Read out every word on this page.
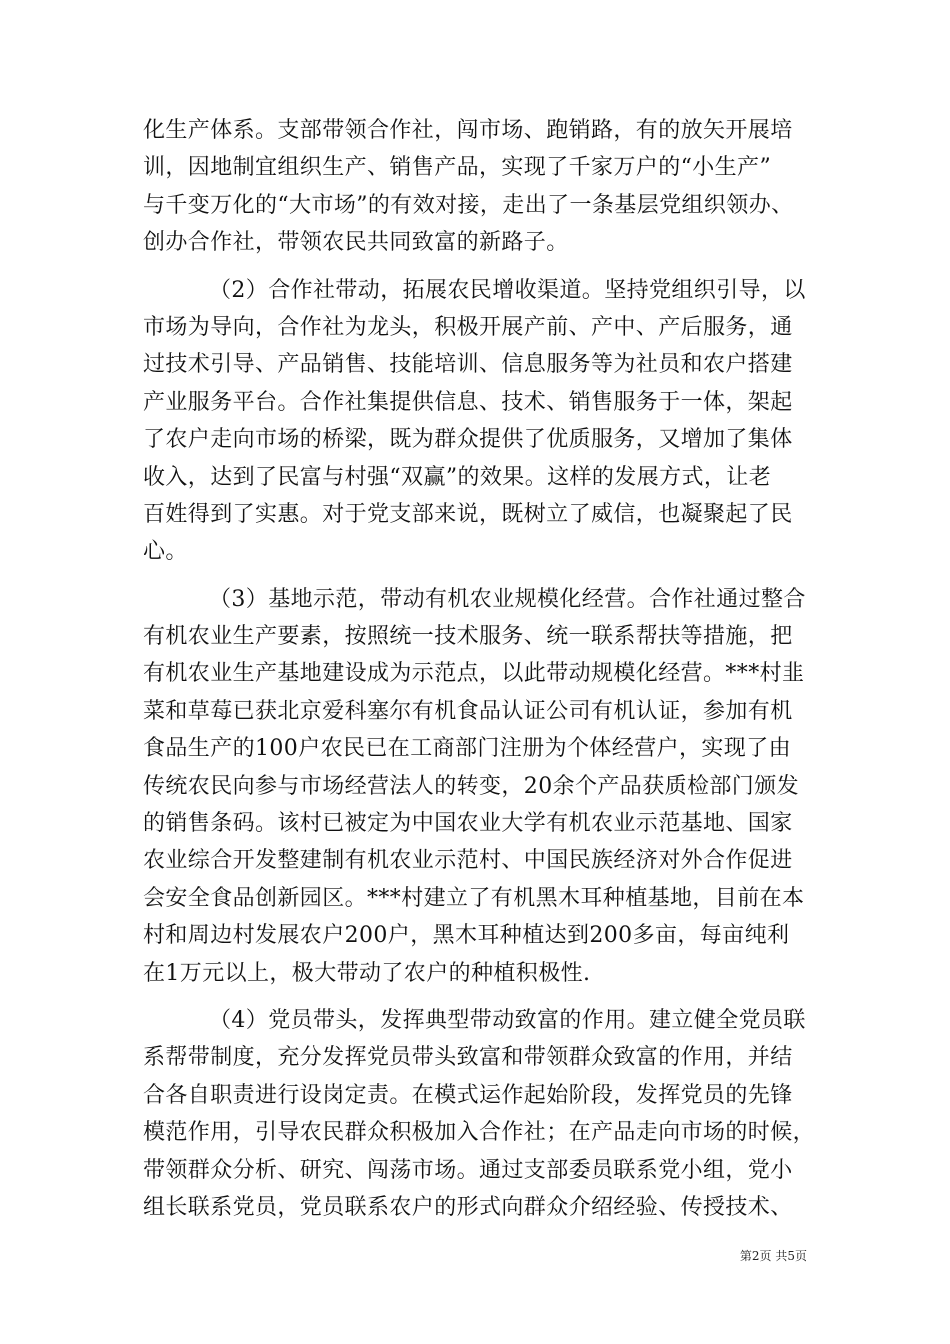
化生产体系。支部带领合作社，闯市场、跑销路，有的放矢开展培
训，因地制宜组织生产、销售产品，实现了千家万户的“小生产”
与千变万化的“大市场”的有效对接，走出了一条基层党组织领办、
创办合作社，带领农民共同致富的新路子。
（2）合作社带动，拓展农民增收渠道。坚持党组织引导，以
市场为导向，合作社为龙头，积极开展产前、产中、产后服务，通
过技术引导、产品销售、技能培训、信息服务等为社员和农户搭建
产业服务平台。合作社集提供信息、技术、销售服务于一体，架起
了农户走向市场的桥梁，既为群众提供了优质服务，又增加了集体
收入，达到了民富与村强“双赢”的效果。这样的发展方式，让老
百姓得到了实惠。对于党支部来说，既树立了威信，也凝聚起了民
心。
（3）基地示范，带动有机农业规模化经营。合作社通过整合
有机农业生产要素，按照统一技术服务、统一联系帮扶等措施，把
有机农业生产基地建设成为示范点，以此带动规模化经营。***村韭
菜和草莓已获北京爱科塞尔有机食品认证公司有机认证，参加有机
食品生产的100户农民已在工商部门注册为个体经营户，实现了由
传统农民向参与市场经营法人的转变，20余个产品获质检部门颁发
的销售条码。该村已被定为中国农业大学有机农业示范基地、国家
农业综合开发整建制有机农业示范村、中国民族经济对外合作促进
会安全食品创新园区。***村建立了有机黑木耳种植基地，目前在本
村和周边村发展农户200户，黑木耳种植达到200多亩，每亩纯利
在1万元以上，极大带动了农户的种植积极性.
（4）党员带头，发挥典型带动致富的作用。建立健全党员联
系帮带制度，充分发挥党员带头致富和带领群众致富的作用，并结
合各自职责进行设岗定责。在模式运作起始阶段，发挥党员的先锋
模范作用，引导农民群众积极加入合作社；在产品走向市场的时候，
带领群众分析、研究、闯荡市场。通过支部委员联系党小组，党小
组长联系党员，党员联系农户的形式向群众介绍经验、传授技术、
第2页 共5页
